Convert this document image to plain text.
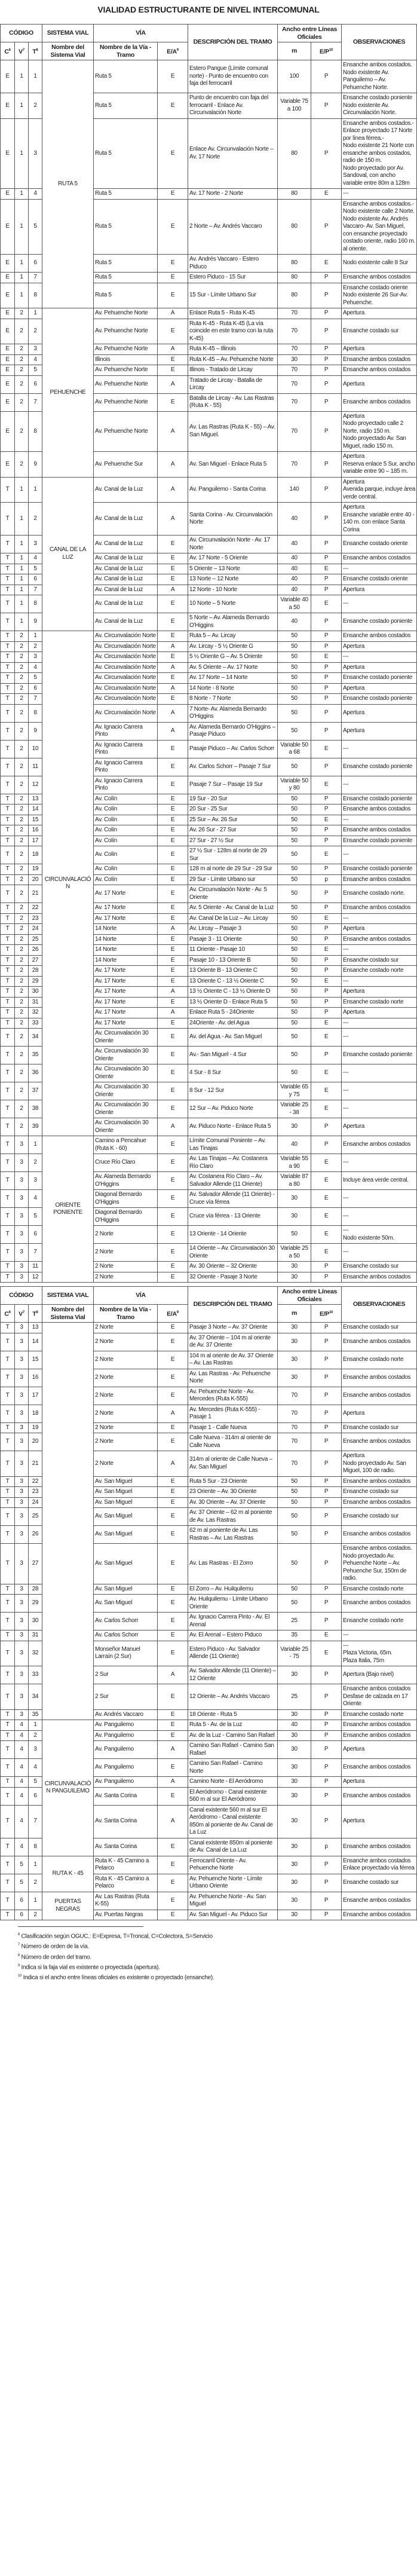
VIALIDAD ESTRUCTURANTE DE NIVEL INTERCOMUNAL
CÓDIGO			SISTEMA VIAL	VÍA		DESCRIPCIÓN DEL TRAMO	Ancho entre Líneas Oficiales		OBSERVACIONES
$C^6$	$V^7$	$T^8$	Nombre del Sistema Vial	Nombre de la Vía - Tramo	$E/A^9$		m	$E/P^{10}$
E	1	1	RUTA 5	Ruta 5	E	Estero Pangue (Límite comunal norte) - Punto de encuentro con faja del ferrocarril	100	P	Ensanche ambos costados.
Nodo existente Av. Panguilemo – Av. Pehuenche Norte.
E	1	2		Ruta 5	E	Punto de encuentro con faja del ferrocarril - Enlace Av. Circunvalación Norte	Variable 75 a 100	P	Ensanche costado poniente
Nodo existente Av. Circunvalación Norte.
E	1	3		Ruta 5	E	Enlace Av. Circunvalación Norte – Av. 17 Norte	80	P	Ensanche ambos costados.-
Enlace proyectado 17 Norte por línea férrea.-
Nodo existente 21 Norte con ensanche ambos costados, radio de 150 m.
Nodo proyectado por Av. Sandoval, con ancho variable entre 80m a 128m
E	1	4		Ruta 5	E	Av. 17 Norte - 2 Norte	80	E	---
E	1	5		Ruta 5	E	2 Norte – Av. Andrés Vaccaro	80	P	Ensanche ambos costados.-
Nodo existente calle 2 Norte.
Nodo existente Av. Andrés Vaccaro- Av. San Miguel, con ensanche proyectado costado oriente, radio 160 m. al oriente.
E	1	6		Ruta 5	E	Av. Andrés Vaccaro - Estero Piduco	80	E	Nodo existente calle 8 Sur
E	1	7		Ruta 5	E	Estero Piduco - 15 Sur	80	P	Ensanche ambos costados
E	1	8		Ruta 5	E	15 Sur - Límite Urbano Sur	80	P	Ensanche costado oriente
Nodo existente 26 Sur-Av. Pehuenche.
E	2	1	PEHUENCHE	Av. Pehuenche Norte	A	Enlace Ruta 5 - Ruta K-45	70	P	Apertura
E	2	2		Av. Pehuenche Norte	E	Ruta K-45 - Ruta K-45 (La vía coincide en este tramo con la ruta K-45)	70	P	Ensanche costado sur
E	2	3		Av. Pehuenche Norte	A	Ruta K-45 – Illinois	70	P	Apertura
E	2	4		Illinois	E	Ruta K-45 – Av. Pehuenche Norte	30	P	Ensanche ambos costados
E	2	5		Av. Pehuenche Norte	E	Illinois - Tratado de Lircay	70	P	Ensanche ambos costados
E	2	6		Av. Pehuenche Norte	A	Tratado de Lircay - Batalla de Lircay	70	P	Apertura
E	2	7		Av. Pehuenche Norte	E	Batalla de Lircay - Av. Las Rastras (Ruta K - 55)	70	P	Ensanche ambos costados
E	2	8		Av. Pehuenche Norte	A	Av. Las Rastras (Ruta K - 55) – Av. San Miguel.	70	P	Apertura
Nodo proyectado calle 2 Norte, radio 150 m.
Nodo proyectado Av. San Miguel, radio 150 m.
E	2	9		Av. Pehuenche Sur	A	Av. San Miguel - Enlace Ruta 5	70	P	Apertura
Reserva enlace 5 Sur, ancho variable entre 90 – 185 m.
T	1	1	CANAL DE LA LUZ	Av. Canal de la Luz	A	Av. Panguilemo - Santa Corina	140	P	Apertura
Avenida parque, incluye área verde central.
T	1	2		Av. Canal de la Luz	A	Santa Corina - Av. Circunvalación Norte	40	P	Apertura
Ensanche variable entre 40 - 140 m. con enlace Santa Corina
T	1	3		Av. Canal de la Luz	E	Av. Circunvalación Norte - Av. 17 Norte	40	P	Ensanche costado oriente
T	1	4		Av. Canal de la Luz	E	Av. 17 Norte - 5 Oriente	40	P	Ensanche ambos costados
T	1	5		Av. Canal de la Luz	E	5 Oriente – 13 Norte	40	E	---
T	1	6		Av. Canal de la Luz	E	13 Norte – 12 Norte	40	P	Ensanche costado oriente
T	1	7		Av. Canal de la Luz	A	12 Norte - 10 Norte	40	P	Apertura
T	1	8		Av. Canal de la Luz	E	10 Norte – 5 Norte	Variable 40 a 50	E	---
T	1	9		Av. Canal de la Luz	E	5 Norte – Av. Alameda Bernardo O'Higgins	40	P	Ensanche costado poniente
T	2	1	CIRCUNVALACIÓN	Av. Circunvalación Norte	E	Ruta 5 – Av. Lircay	50	P	Ensanche ambos costados
T	2	2		Av. Circunvalación Norte	A	Av. Lircay - 5 ½ Oriente G	50	P	Apertura
T	2	3		Av. Circunvalación Norte	E	5 ½ Oriente G – Av. 5 Oriente	50	E	---
T	2	4		Av. Circunvalación Norte	A	Av. 5 Oriente – Av. 17 Norte	50	P	Apertura
T	2	5		Av. Circunvalación Norte	E	Av. 17 Norte – 14 Norte	50	P	Ensanche costado poniente
T	2	6		Av. Circunvalación Norte	A	14 Norte - 8 Norte	50	P	Apertura
T	2	7		Av. Circunvalación Norte	E	8 Norte - 7 Norte	50	P	Ensanche costado poniente
T	2	8		Av. Circunvalación Norte	A	7 Norte- Av. Alameda Bernardo O'Higgins	50	P	Apertura
T	2	9		Av. Ignacio Carrera Pinto	A	Av. Alameda Bernardo O'Higgins – Pasaje Piduco	50	P	Apertura
T	2	10		Av. Ignacio Carrera Pinto	E	Pasaje Piduco – Av. Carlos Schorr	Variable 50 a 68	E	---
T	2	11		Av. Ignacio Carrera Pinto	E	Av. Carlos Schorr – Pasaje 7 Sur	50	P	Ensanche costado poniente
T	2	12		Av. Ignacio Carrera Pinto	E	Pasaje 7 Sur – Pasaje 19 Sur	Variable 50 y 80	E	---
T	2	13		Av. Colín	E	19 Sur - 20 Sur	50	P	Ensanche costado poniente
T	2	14		Av. Colín	E	20 Sur - 25 Sur	50	P	Ensanche ambos costados
T	2	15		Av. Colín	E	25 Sur – Av. 26 Sur	50	E	---
T	2	16		Av. Colín	E	Av. 26 Sur - 27 Sur	50	P	Ensanche ambos costados
T	2	17		Av. Colín	E	27 Sur - 27 ½ Sur	50	P	Ensanche costado poniente
T	2	18		Av. Colín	E	27 ½ Sur - 128m al norte de 29 Sur	50	E	---
T	2	19		Av. Colín	E	128 m al norte de 29 Sur - 29 Sur	50	P	Ensanche costado poniente
T	2	20		Av. Colín	E	29 Sur - Límite Urbano sur	50	p	Ensanche ambos costados
T	2	21		Av. 17 Norte	E	Av. Circunvalación Norte - Av. 5 Oriente	50	P	Ensanche costado norte.
T	2	22		Av. 17 Norte	E	Av. 5 Oriente - Av. Canal de la Luz	50	P	Ensanche ambos costados
T	2	23		Av. 17 Norte	E	Av. Canal De la Luz – Av. Lircay	50	E	---
T	2	24		14 Norte	A	Av. Lircay – Pasaje 3	50	P	Apertura
T	2	25		14 Norte	E	Pasaje 3 - 11 Oriente	50	P	Ensanche ambos costados
T	2	26		14 Norte	E	11 Oriente - Pasaje 10	50	E	---
T	2	27		14 Norte	E	Pasaje 10 - 13 Oriente B	50	P	Ensanche costado sur
T	2	28		Av. 17 Norte	E	13 Oriente B - 13 Oriente C	50	P	Ensanche costado norte
T	2	29		Av. 17 Norte	E	13 Oriente C - 13 ½ Oriente C	50	E	---
T	2	30		Av. 17 Norte	A	13 ½ Oriente C - 13 ½ Oriente D	50	P	Apertura
T	2	31		Av. 17 Norte	E	13 ½ Oriente D - Enlace Ruta 5	50	P	Ensanche costado norte
T	2	32		Av. 17 Norte	A	Enlace Ruta 5 - 24Oriente	50	P	Apertura
T	2	33		Av. 17 Norte	E	24Oriente - Av. del Agua	50	E	---
T	2	34		Av. Circunvalación 30 Oriente	E	Av. del Agua - Av. San Miguel	50	E	---
T	2	35		Av. Circunvalación 30 Oriente	E	Av.- San Miguel - 4 Sur	50	P	Ensanche costado poniente
T	2	36		Av. Circunvalación 30 Oriente	E	4 Sur - 8 Sur	50	E	---
T	2	37		Av. Circunvalación 30 Oriente	E	8 Sur - 12 Sur	Variable 65 y 75	E	---
T	2	38		Av. Circunvalación 30 Oriente	E	12 Sur – Av. Piduco Norte	Variable 25 - 38	E	---
T	2	39		Av. Circunvalación 30 Oriente	A	Av. Piduco Norte - Enlace Ruta 5	30	P	Apertura
T	3	1	ORIENTE PONIENTE	Camino a Pencahue (Ruta K - 60)	E	Límite Comunal Poniente – Av. Las Tinajas	40	P	Ensanche ambos costados
T	3	2		Cruce Río Claro	E	Av. Las Tinajas – Av. Costanera Río Claro	Variable 55 a 90	E	---
T	3	3		Av. Alameda Bernardo O'Higgins	E	Av. Costanera Río Claro – Av. Salvador Allende (11 Oriente)	Variable 87 a 80	E	Incluye área verde central.
T	3	4		Diagonal Bernardo O'Higgins	E	Av. Salvador Allende (11 Oriente) - Cruce vía férrea	30	E	---
T	3	5		Diagonal Bernardo O'Higgins	E	Cruce vía férrea - 13 Oriente	30	E	---
T	3	6		2 Norte	E	13 Oriente - 14 Oriente	50	E	---
Nodo existente 50m.
T	3	7		2 Norte	E	14 Oriente – Av. Circunvalación 30 Oriente	Variable 25 a 50	E	---
T	3	11		2 Norte	E	Av. 30 Oriente – 32 Oriente	30	P	Ensanche costado sur
T	3	12		2 Norte	E	32 Oriente - Pasaje 3 Norte	30	P	Ensanche ambos costados
CÓDIGO			SISTEMA VIAL	VÍA		DESCRIPCIÓN DEL TRAMO	Ancho entre Líneas Oficiales		OBSERVACIONES
$C^6$	$V^7$	$T^8$	Nombre del Sistema Vial	Nombre de la Vía - Tramo	$E/A^9$		m	$E/P^{10}$
T	3	13		2 Norte	E	Pasaje 3 Norte – Av. 37 Oriente	30	P	Ensanche costado sur
T	3	14		2 Norte	E	Av. 37 Oriente – 104 m al oriente de Av. 37 Oriente	30	P	Ensanche ambos costados
T	3	15		2 Norte	E	104 m al oriente de Av. 37 Oriente – Av. Las Rastras	30	P	Ensanche costado norte
T	3	16		2 Norte	E	Av. Las Rastras - Av. Pehuenche Norte	30	P	Ensanche ambos costados
T	3	17		2 Norte	E	Av. Pehuenche Norte - Av. Mercedes (Ruta K-555)	70	P	Ensanche ambos costados
T	3	18		2 Norte	A	Av. Mercedes (Ruta K-555) - Pasaje 1	70	P	Apertura
T	3	19		2 Norte	E	Pasaje 1 - Calle Nueva	70	P	Ensanche costado sur
T	3	20		2 Norte	E	Calle Nueva - 314m al oriente de Calle Nueva	70	P	Ensanche ambos costados
T	3	21		2 Norte	A	314m al oriente de Calle Nueva – Av. San Miguel	70	P	Apertura
Nodo proyectado Av. San Miguel, 100 de radio.
T	3	22		Av. San Miguel	E	Ruta 5 Sur - 23 Oriente	50	P	Ensanche ambos costados
T	3	23		Av. San Miguel	E	23 Oriente – Av. 30 Oriente	50	P	Ensanche costado sur
T	3	24		Av. San Miguel	E	Av. 30 Oriente – Av. 37 Oriente	50	P	Ensanche ambos costados
T	3	25		Av. San Miguel	E	Av. 37 Oriente – 62 m al poniente de Av. Las Rastras	50	P	Ensanche costado sur
T	3	26		Av. San Miguel	E	62 m al poniente de Av. Las Rastras – Av. Las Rastras	50	P	Ensanche ambos costados
T	3	27		Av. San Miguel	E	Av. Las Rastras - El Zorro	50	P	Ensanche ambos costados.
Nodo proyectado Av. Pehuenche Norte – Av. Pehuenche Sur, 150m de radio.
T	3	28		Av. San Miguel	E	El Zorro – Av. Huilquilemu	50	P	Ensanche costado norte
T	3	29		Av. San Miguel	E	Av. Huilquilemu - Límite Urbano Oriente	50	P	Ensanche ambos costados
T	3	30		Av. Carlos Schorr	E	Av. Ignacio Carrera Pinto - Av. El Arenal	25	P	Ensanche costado norte
T	3	31		Av. Carlos Schorr	E	Av. El Arenal – Estero Piduco	35	E	---
T	3	32		Monseñor Manuel Larraín (2 Sur)	E	Estero Piduco - Av. Salvador Allende (11 Oriente)	Variable 25 - 75	E	---
Plaza Victoria, 65m.
Plaza Italia, 75m
T	3	33		2 Sur	A	Av. Salvador Allende (11 Oriente) – 12 Oriente	30	P	Apertura (Bajo nivel)
T	3	34		2 Sur	E	12 Oriente – Av. Andrés Vaccaro	25	P	Ensanche ambos costados
Desfase de calzada en 17 Oriente
T	3	35		Av. Andrés Vaccaro	E	18 Oriente - Ruta 5	30	P	Ensanche costado norte
T	4	1	CIRCUNVALACIÓN PANGUILEMO	Av. Panguilemo	E	Ruta 5 - Av. de la Luz	40	P	Ensanche ambos costados
T	4	2		Av. Panguilemo	E	Av. de la Luz - Camino San Rafael	30	P	Ensanche ambos costados
T	4	3		Av. Panguilemo	A	Camino San Rafael - Camino San Rafael	30	P	Apertura
T	4	4		Av. Panguilemo	E	Camino San Rafael - Camino Norte	30	P	Ensanche ambos costados
T	4	5		Av. Panguilemo	A	Camino Norte - El Aeródromo	30	P	Apertura
T	4	6		Av. Santa Corina	E	El Aeródromo - Canal existente 560 m al sur El Aeródromo	30	P	Ensanche ambos costados
T	4	7		Av. Santa Corina	A	Canal existente 560 m al sur El Aeródromo - Canal existente 850m al poniente de Av. Canal de La Luz	30	P	Apertura
T	4	8		Av. Santa Corina	E	Canal existente 850m al poniente de Av. Canal de La Luz	30	p	Ensanche ambos costados
T	5	1	RUTA K - 45	Ruta K - 45 Camino a Pelarco	E	Ferrocarril Oriente - Av. Pehuenche Norte	30	P	Ensanche ambos costados
Enlace proyectado vía férrea
T	5	2		Ruta K - 45 Camino a Pelarco	E	Av. Pehuenche Norte - Límite Urbano Oriente	30	P	Ensanche costado sur
T	6	1	PUERTAS NEGRAS	Av. Las Rastras (Ruta K-55)	E	Av. Pehuenche Norte - Av. San Miguel	30	P	Ensanche ambos costados
T	6	2		Av. Puertas Negras	E	Av. San Miguel - Av. Piduco Sur	30	P	Ensanche ambos costados
$^6$ Clasificación según OGUC.: E=Expresa, T=Troncal, C=Colectora, S=Servicio
$^7$ Número de orden de la vía.
$^8$ Número de orden del tramo.
$^9$ Indica si la faja vial es existente o proyectada (apertura).
$^{10}$ Indica si el ancho entre líneas oficiales es existente o proyectado (ensanche).
